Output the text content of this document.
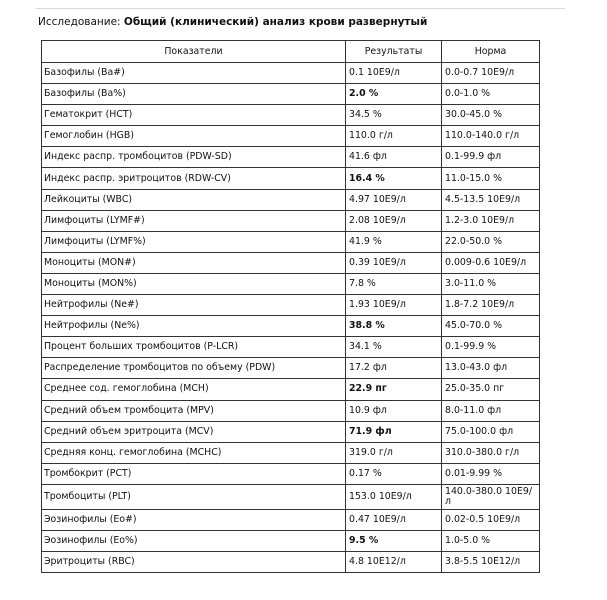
Исследование: Общий (клинический) анализ крови развернутый
Показатели	Результаты	Норма
Базофилы (Ba#)	0.1 10E9/л	0.0-0.7 10E9/л
Базофилы (Ba%)	2.0 %	0.0-1.0 %
Гематокрит (HCT)	34.5 %	30.0-45.0 %
Гемоглобин (HGB)	110.0 г/л	110.0-140.0 г/л
Индекс распр. тромбоцитов (PDW-SD)	41.6 фл	0.1-99.9 фл
Индекс распр. эритроцитов (RDW-CV)	16.4 %	11.0-15.0 %
Лейкоциты (WBC)	4.97 10E9/л	4.5-13.5 10E9/л
Лимфоциты (LYMF#)	2.08 10E9/л	1.2-3.0 10E9/л
Лимфоциты (LYMF%)	41.9 %	22.0-50.0 %
Моноциты (MON#)	0.39 10E9/л	0.009-0.6 10E9/л
Моноциты (MON%)	7.8 %	3.0-11.0 %
Нейтрофилы (Ne#)	1.93 10E9/л	1.8-7.2 10E9/л
Нейтрофилы (Ne%)	38.8 %	45.0-70.0 %
Процент больших тромбоцитов (P-LCR)	34.1 %	0.1-99.9 %
Распределение тромбоцитов по объему (PDW)	17.2 фл	13.0-43.0 фл
Среднее сод. гемоглобина (MCH)	22.9 пг	25.0-35.0 пг
Средний объем тромбоцита (MPV)	10.9 фл	8.0-11.0 фл
Средний объем эритроцита (MCV)	71.9 фл	75.0-100.0 фл
Средняя конц. гемоглобина (MCHC)	319.0 г/л	310.0-380.0 г/л
Тромбокрит (PCT)	0.17 %	0.01-9.99 %
Тромбоциты (PLT)	153.0 10E9/л	140.0-380.0 10E9/л
Эозинофилы (Eo#)	0.47 10E9/л	0.02-0.5 10E9/л
Эозинофилы (Eo%)	9.5 %	1.0-5.0 %
Эритроциты (RBC)	4.8 10E12/л	3.8-5.5 10E12/л
